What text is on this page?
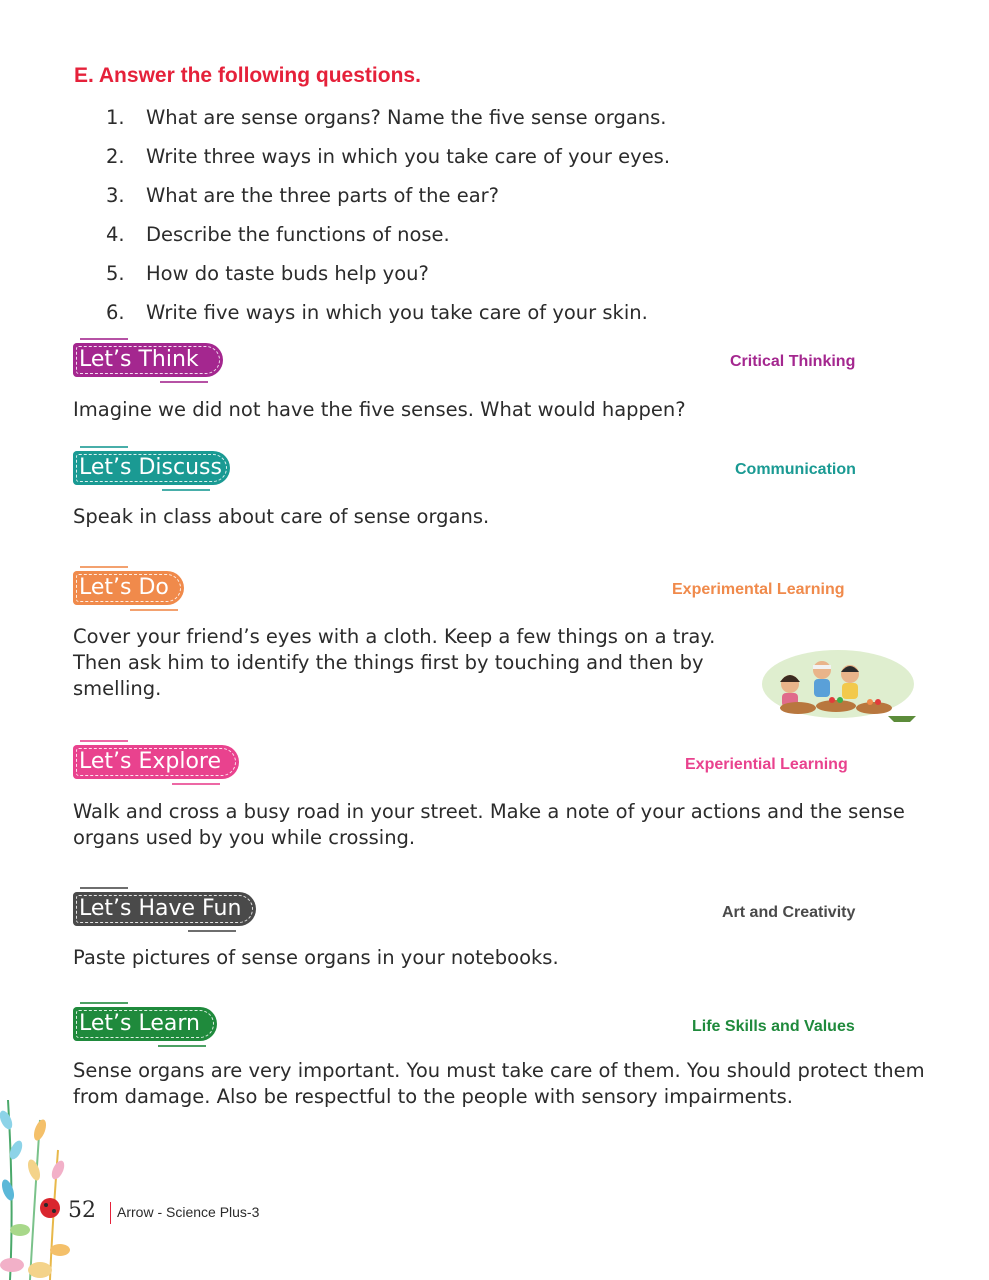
E. Answer the following questions.
1. What are sense organs? Name the five sense organs.
2. Write three ways in which you take care of your eyes.
3. What are the three parts of the ear?
4. Describe the functions of nose.
5. How do taste buds help you?
6. Write five ways in which you take care of your skin.
Let’s Think	Critical Thinking

Imagine we did not have the five senses. What would happen?

Let’s Discuss	Communication

Speak in class about care of sense organs.

Let’s Do	Experimental Learning

Cover your friend’s eyes with a cloth. Keep a few things on a tray. Then ask him to identify the things first by touching and then by smelling.

Let’s Explore	Experiential Learning

Walk and cross a busy road in your street. Make a note of your actions and the sense organs used by you while crossing.

Let’s Have Fun	Art and Creativity

Paste pictures of sense organs in your notebooks.

Let’s Learn	Life Skills and Values

Sense organs are very important. You must take care of them. You should protect them from damage. Also be respectful to the people with sensory impairments.

52 Arrow - Science Plus-3
